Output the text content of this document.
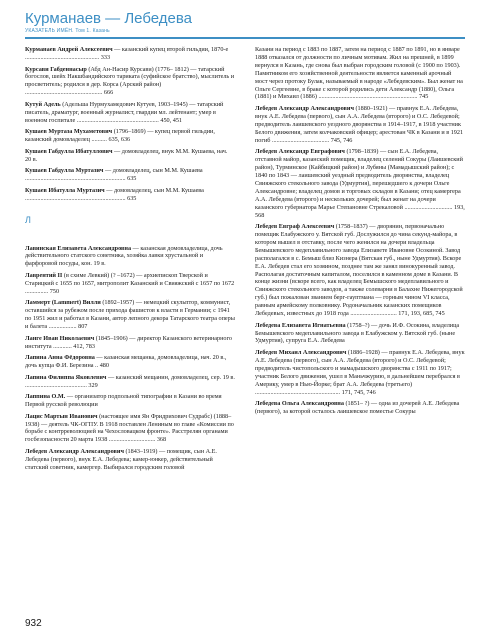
Курманаев — Лебедева
УКАЗАТЕЛЬ ИМЁН. Том 1. Казань

Курманаев Андрей Алексеевич — казанский купец второй гильдии, 1870-е ................................................ 333

Курсави Габденнасыр (Абд Ан-Насир Курсави) (1776– 1812) — татарский богослов, шейх Накшбандийского тариката (суфийское братство), мыслитель и просветитель; родился в дер. Корса (Арский район) .................................................. 666

Кутуй Адель (Адельша Нурмухамедович Кутуев, 1903–1945) — татарский писатель, драматург, военный журналист, гвардии мл. лейтенант; умер в военном госпитале ..................................................... 450, 451

Кушаев Муртаза Мухаметович (1796–1869) — купец первой гильдии, казанский домовладелец .......... 635, 636

Кушаев Габдулла Ибатуллович — домовладелец, внук М.М. Кушаева, нач. 20 в.

Кушаев Габдулла Муртазич — домовладелец, сын М.М. Кушаева ................................................................. 635

Кушаев Ибатулла Муртазич — домовладелец, сын М.М. Кушаева ................................................................. 635

Л

Лавинская Елизавета Александровна — казанская домовладелица, дочь действительного статского советника, хозяйка лавки хрустальной и фарфоровой посуды, кон. 19 в.

Лаврентий II (в схиме Левкий) (? –1672) — архиепископ Тверской и Старицкий с 1655 по 1657, митрополит Казанский и Свияжский с 1657 по 1672 ............... 750

Ламмерт (Lammert) Вилли (1892–1957) — немецкий скульптор, коммунист, оставшийся за рубежом после прихода фашистов к власти в Германии; с 1941 по 1951 жил и работал в Казани, автор лепного декора Татарского театра оперы и балета .................. 807

Ланге Иван Николаевич (1845–1906) — директор Казанского ветеринарного института ............ 412, 783

Лапина Анна Фёдоровна — казанская мещанка, домовладелица, нач. 20 в., дочь купца Ф.И. Березина .. 480

Лапина Филиппа Яковлевич — казанский мещанин, домовладелец, сер. 19 в. ........................................ 329

Лаппина О.М. — организатор подпольной типографии в Казани во время Первой русской революции

Лацис Мартын Иванович (настоящее имя Ян Фридрихович Судрабс) (1888–1938) — деятель ЧК-ОГПУ. В 1918 поставлен Лениным во главе «Комиссии по борьбе с контрреволюцией на Чехословацком фронте». Расстрелян органами госбезопасности 20 марта 1938 .............................. 368

Лебедев Александр Александрович (1843–1919) — помещик, сын А.Е. Лебедева (первого), внук Е.А. Лебедева; камер-юнкер, действительный статский советник, камергер. Выбирался городским головой

Казани на период с 1883 по 1887, затем на период с 1887 по 1891, но в январе 1888 отказался от должности по личным мотивам. Жил на прешней, в 1899 вернулся в Казань, где снова был выбран городским головой (с 1900 по 1903). Памятником его хозяйственной деятельности является каменный арочный мост через протоку Булак, называемый в народе «Лебедевским». Был женат на Ольге Сергеевне, в браке с которой родились дети Александр (1880), Ольга (1881) и Михаил (1886) ................................................................ 745

Лебедев Александр Александрович (1880–1921) — правнук Е.А. Лебедева, внук А.Е. Лебедева (первого), сын А.А. Лебедева (второго) и О.С. Лебедевой; предводитель лаишевского уездного дворянства в 1914–1917, в 1918 участник Белого движения, затем колчаковский офицер; арестован ЧК в Казани и в 1921 погиб ..................................... 745, 746

Лебедев Александр Евграфович (1798–1839) — сын Е.А. Лебедева, отставной майор, казанский помещик, владелец селений Сокуры (Лаишевский район), Турминское (Кайбицкий район) и Лубяны (Мамадышский район); с 1840 по 1843 — лаишевский уездный предводитель дворянства, владелец Свияжского стекольного завода (Удмуртия), перешедшего к дочери Ольге Александровне; владелец домов и торговых складов в Казани; отец камергера А.А. Лебедева (второго) и нескольких дочерей; был женат на дочери казанского губернатора Марье Степановне Стрекаловой ............................... 193, 568

Лебедев Евграф Алексеевич (1758–1837) — дворянин, первоначально помещик Елабужского у. Вятской губ. Дослужился до чина секунд-майора, в котором вышел в отставку, после чего женился на дочери владельца Бемышевского медеплавильного завода Елизавете Ивановне Осокиной. Завод располагался в с. Бемыш близ Кизнера (Вятская губ., ныне Удмуртия). Вскоре Е.А. Лебедев стал его хозяином, позднее там же занял винокуренный завод. Располагая достаточным капиталом, поселился в каменном доме в Казани. В конце жизни (вскоре всего, как владелец Бемышского медеплавильного и Свияжского стекольного заводов, а также солеварни в Балахне Нижегородской губ.) был пожалован званием берг-гауптмана — горным чином VI класса, равным армейскому полковнику. Родоначальник казанских помещиков Лебедевых, известных до 1918 года .............................. 171, 193, 685, 745

Лебедева Елизавета Игнатьевна (1758–?) — дочь И.Ф. Осокина, владелица Бемышевского медеплавильного завода в Елабужском у. Вятской губ. (ныне Удмуртия), супруга Е.А. Лебедева

Лебедев Михаил Александрович (1886–1928) — правнук Е.А. Лебедева, внук А.Е. Лебедева (первого), сын А.А. Лебедева (второго) и О.С. Лебедевой; предводитель чистопольского и мамадышского дворянства с 1911 по 1917; участник Белого движения, ушел в Маньчжурию, в дальнейшем перебрался в Америку, умер в Нью-Йорке; брат А.А. Лебедева (третьего) ....................................................... 171, 745, 746

Лебедева Ольга Александровна (1851– ?) — одна из дочерей А.Е. Лебедева (первого), за которой осталось лаишевское поместье Сокуры

932
